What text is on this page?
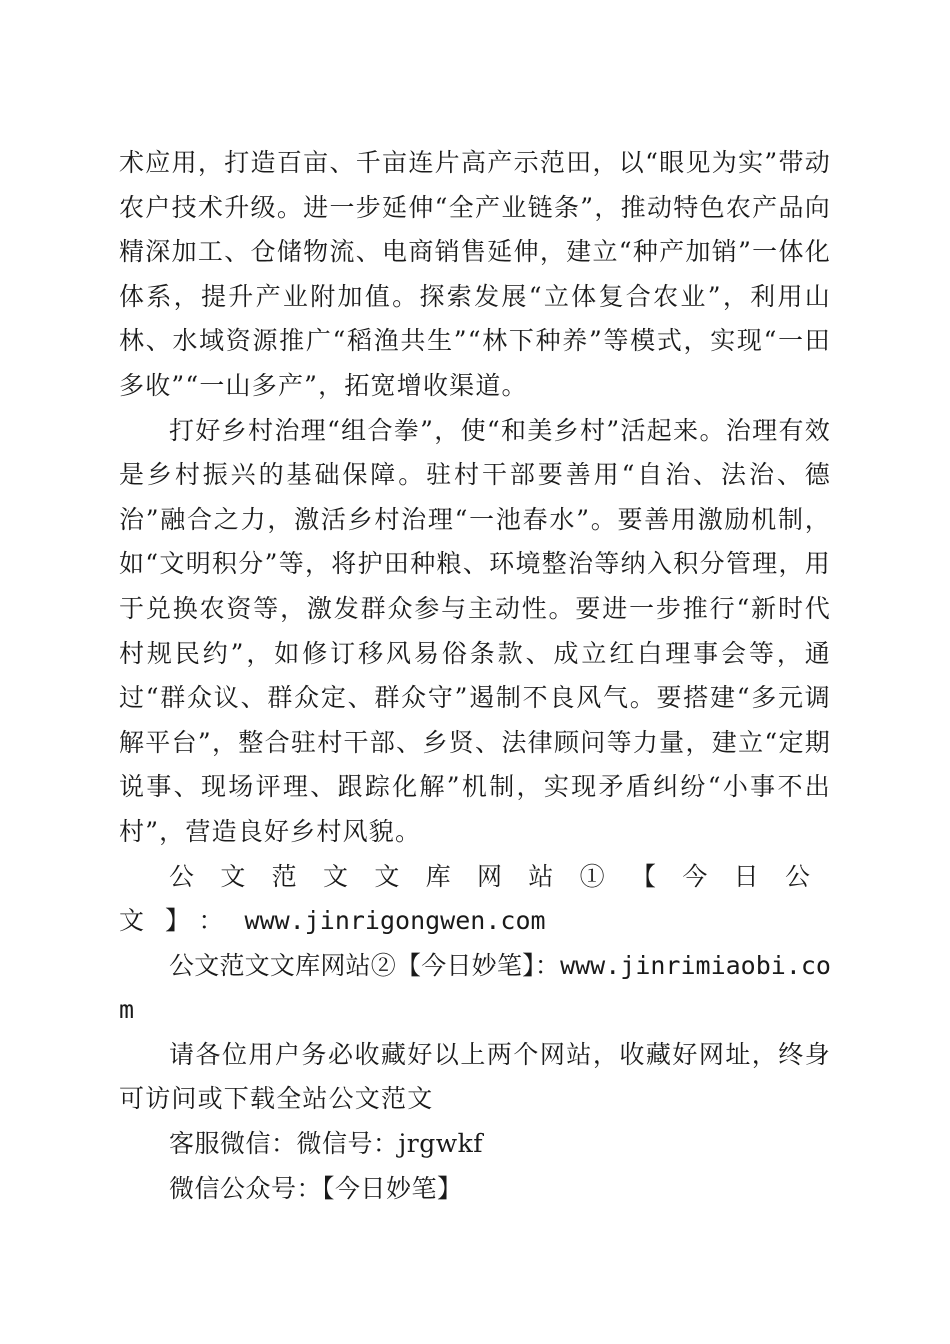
术应用，打造百亩、千亩连片高产示范田，以“眼见为实”带动农户技术升级。进一步延伸“全产业链条”，推动特色农产品向精深加工、仓储物流、电商销售延伸，建立“种产加销”一体化体系，提升产业附加值。探索发展“立体复合农业”，利用山林、水域资源推广“稻渔共生”“林下种养”等模式，实现“一田多收”“一山多产”，拓宽增收渠道。

打好乡村治理“组合拳”，使“和美乡村”活起来。治理有效是乡村振兴的基础保障。驻村干部要善用“自治、法治、德治”融合之力，激活乡村治理“一池春水”。要善用激励机制，如“文明积分”等，将护田种粮、环境整治等纳入积分管理，用于兑换农资等，激发群众参与主动性。要进一步推行“新时代村规民约”，如修订移风易俗条款、成立红白理事会等，通过“群众议、群众定、群众守”遏制不良风气。要搭建“多元调解平台”，整合驻村干部、乡贤、法律顾问等力量，建立“定期说事、现场评理、跟踪化解”机制，实现矛盾纠纷“小事不出村”，营造良好乡村风貌。

公文范文文库网站①【今日公文】：www.jinrigongwen.com

公文范文文库网站②【今日妙笔】：www.jinrimiaobi.com

请各位用户务必收藏好以上两个网站，收藏好网址，终身可访问或下载全站公文范文

客服微信：微信号：jrgwkf

微信公众号：【今日妙笔】
